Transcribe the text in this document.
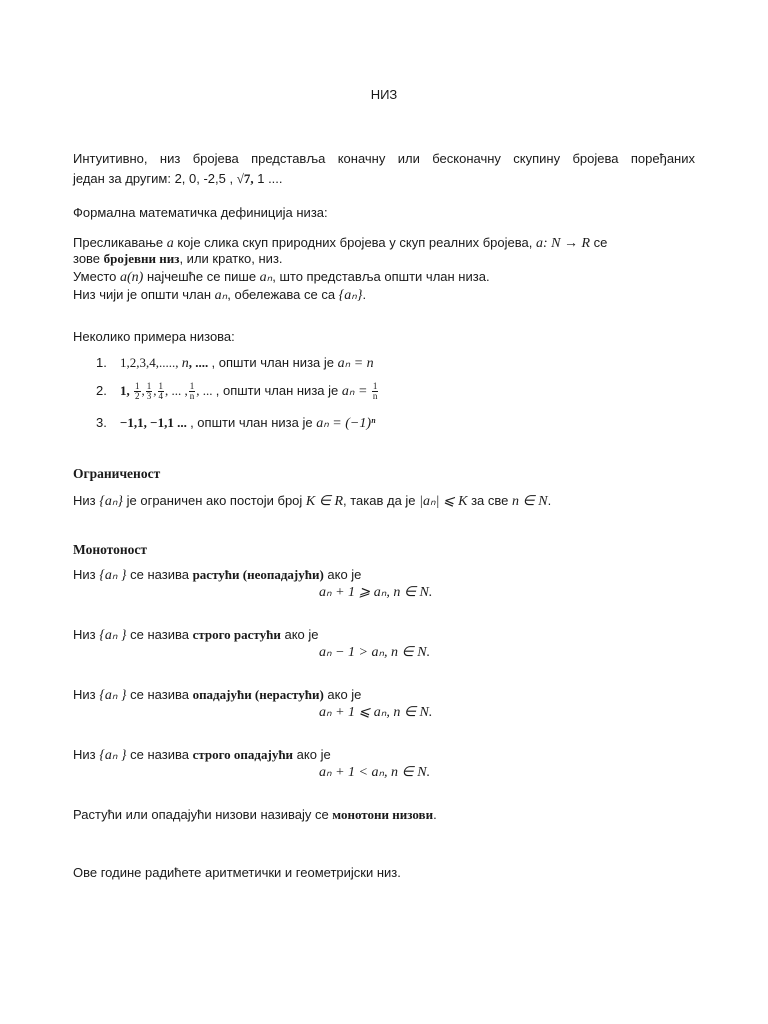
НИЗ
Интуитивно, низ бројева представља коначну или бесконачну скупину бројева поређаних
један за другим: 2, 0, -2,5 , √7, 1 ....
Формална математичка дефиниција низа:
Пресликавање a које слика скуп природних бројева у скуп реалних бројева, a: N → R се
зове бројевни низ, или кратко, низ.
Уместо a(n) најчешће се пише aₙ, што представља општи члан низа.
Низ чији је општи члан aₙ, обележава се са {aₙ}.
Неколико примера низова:
1. 1,2,3,4,....., n, .... , општи члан низа је aₙ = n
2. 1, $\frac{1}{2}$ , $\frac{1}{3}$ , $\frac{1}{4}$ , ... , $\frac{1}{n}$ , ... , општи члан низа је $a_n = \frac{1}{n}$
3. −1,1, −1,1 ... , општи члан низа је aₙ = (−1)ⁿ
Ограниченост
Низ {aₙ} је ограничен ако постоји број K ∈ R, такав да је |aₙ| ⩽ K за све n ∈ N.
Монотоност
Низ {aₙ } се назива растући (неопадајући) ако је
aₙ + 1 ⩾ aₙ, n ∈ N.
Низ {aₙ } се назива строго растући ако је
aₙ − 1 > aₙ, n ∈ N.
Низ {aₙ } се назива опадајући (нерастући) ако је
aₙ + 1 ⩽ aₙ, n ∈ N.
Низ {aₙ } се назива строго опадајући ако је
aₙ + 1 < aₙ, n ∈ N.
Растући или опадајући низови називају се монотони низови.
Ове године радићете аритметички и геометријски низ.
